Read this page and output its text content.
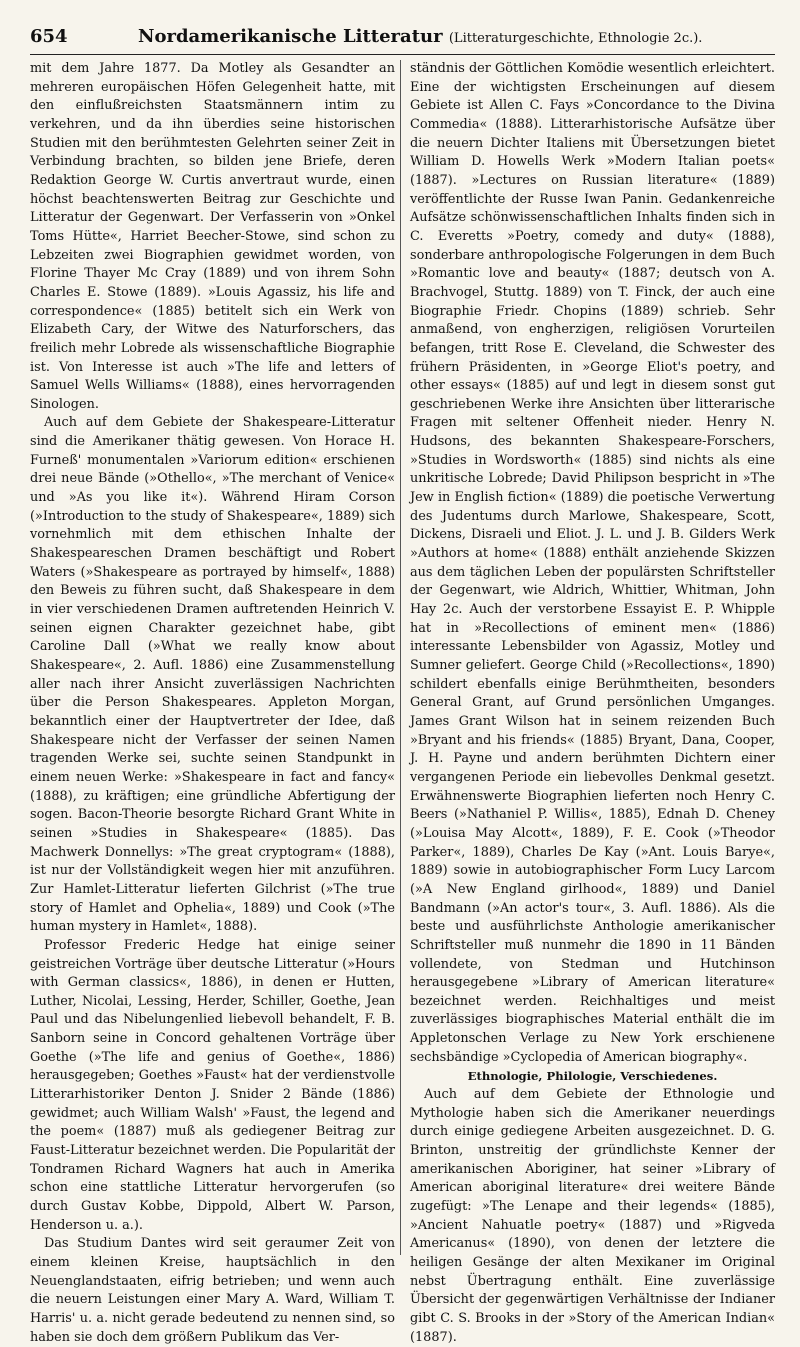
654	Nordamerikanische Litteratur (Litteraturgeschichte, Ethnologie 2c.).

mit dem Jahre 1877. Da Motley als Gesandter an mehreren europäischen Höfen Gelegenheit hatte, mit den einflußreichsten Staatsmännern intim zu verkehren, und da ihn überdies seine historischen Studien mit den berühmtesten Gelehrten seiner Zeit in Verbindung brachten, so bilden jene Briefe, deren Redaktion George W. Curtis anvertraut wurde, einen höchst beachtenswerten Beitrag zur Geschichte und Litteratur der Gegenwart. Der Verfasserin von »Onkel Toms Hütte«, Harriet Beecher-Stowe, sind schon zu Lebzeiten zwei Biographien gewidmet worden, von Florine Thayer Mc Cray (1889) und von ihrem Sohn Charles E. Stowe (1889). »Louis Agassiz, his life and correspondence« (1885) betitelt sich ein Werk von Elizabeth Cary, der Witwe des Naturforschers, das freilich mehr Lobrede als wissenschaftliche Biographie ist. Von Interesse ist auch »The life and letters of Samuel Wells Williams« (1888), eines hervorragenden Sinologen.

Auch auf dem Gebiete der Shakespeare-Litteratur sind die Amerikaner thätig gewesen. Von Horace H. Furneß' monumentalen »Variorum edition« erschienen drei neue Bände (»Othello«, »The merchant of Venice« und »As you like it«). Während Hiram Corson (»Introduction to the study of Shakespeare«, 1889) sich vornehmlich mit dem ethischen Inhalte der Shakespeareschen Dramen beschäftigt und Robert Waters (»Shakespeare as portrayed by himself«, 1888) den Beweis zu führen sucht, daß Shakespeare in dem in vier verschiedenen Dramen auftretenden Heinrich V. seinen eignen Charakter gezeichnet habe, gibt Caroline Dall (»What we really know about Shakespeare«, 2. Aufl. 1886) eine Zusammenstellung aller nach ihrer Ansicht zuverlässigen Nachrichten über die Person Shakespeares. Appleton Morgan, bekanntlich einer der Hauptvertreter der Idee, daß Shakespeare nicht der Verfasser der seinen Namen tragenden Werke sei, suchte seinen Standpunkt in einem neuen Werke: »Shakespeare in fact and fancy« (1888), zu kräftigen; eine gründliche Abfertigung der sogen. Bacon-Theorie besorgte Richard Grant White in seinen »Studies in Shakespeare« (1885). Das Machwerk Donnellys: »The great cryptogram« (1888), ist nur der Vollständigkeit wegen hier mit anzuführen. Zur Hamlet-Litteratur lieferten Gilchrist (»The true story of Hamlet and Ophelia«, 1889) und Cook (»The human mystery in Hamlet«, 1888).

Professor Frederic Hedge hat einige seiner geistreichen Vorträge über deutsche Litteratur (»Hours with German classics«, 1886), in denen er Hutten, Luther, Nicolai, Lessing, Herder, Schiller, Goethe, Jean Paul und das Nibelungenlied liebevoll behandelt, F. B. Sanborn seine in Concord gehaltenen Vorträge über Goethe (»The life and genius of Goethe«, 1886) herausgegeben; Goethes »Faust« hat der verdienstvolle Litterarhistoriker Denton J. Snider 2 Bände (1886) gewidmet; auch William Walsh' »Faust, the legend and the poem« (1887) muß als gediegener Beitrag zur Faust-Litteratur bezeichnet werden. Die Popularität der Tondramen Richard Wagners hat auch in Amerika schon eine stattliche Litteratur hervorgerufen (so durch Gustav Kobbe, Dippold, Albert W. Parson, Henderson u. a.).

Das Studium Dantes wird seit geraumer Zeit von einem kleinen Kreise, hauptsächlich in den Neuenglandstaaten, eifrig betrieben; und wenn auch die neuern Leistungen einer Mary A. Ward, William T. Harris' u. a. nicht gerade bedeutend zu nennen sind, so haben sie doch dem größern Publikum das Ver-

ständnis der Göttlichen Komödie wesentlich erleichtert. Eine der wichtigsten Erscheinungen auf diesem Gebiete ist Allen C. Fays »Concordance to the Divina Commedia« (1888). Litterarhistorische Aufsätze über die neuern Dichter Italiens mit Übersetzungen bietet William D. Howells Werk »Modern Italian poets« (1887). »Lectures on Russian literature« (1889) veröffentlichte der Russe Iwan Panin. Gedankenreiche Aufsätze schönwissenschaftlichen Inhalts finden sich in C. Everetts »Poetry, comedy and duty« (1888), sonderbare anthropologische Folgerungen in dem Buch »Romantic love and beauty« (1887; deutsch von A. Brachvogel, Stuttg. 1889) von T. Finck, der auch eine Biographie Friedr. Chopins (1889) schrieb. Sehr anmaßend, von engherzigen, religiösen Vorurteilen befangen, tritt Rose E. Cleveland, die Schwester des frühern Präsidenten, in »George Eliot's poetry, and other essays« (1885) auf und legt in diesem sonst gut geschriebenen Werke ihre Ansichten über litterarische Fragen mit seltener Offenheit nieder. Henry N. Hudsons, des bekannten Shakespeare-Forschers, »Studies in Wordsworth« (1885) sind nichts als eine unkritische Lobrede; David Philipson bespricht in »The Jew in English fiction« (1889) die poetische Verwertung des Judentums durch Marlowe, Shakespeare, Scott, Dickens, Disraeli und Eliot. J. L. und J. B. Gilders Werk »Authors at home« (1888) enthält anziehende Skizzen aus dem täglichen Leben der populärsten Schriftsteller der Gegenwart, wie Aldrich, Whittier, Whitman, John Hay 2c. Auch der verstorbene Essayist E. P. Whipple hat in »Recollections of eminent men« (1886) interessante Lebensbilder von Agassiz, Motley und Sumner geliefert. George Child (»Recollections«, 1890) schildert ebenfalls einige Berühmtheiten, besonders General Grant, auf Grund persönlichen Umganges. James Grant Wilson hat in seinem reizenden Buch »Bryant and his friends« (1885) Bryant, Dana, Cooper, J. H. Payne und andern berühmten Dichtern einer vergangenen Periode ein liebevolles Denkmal gesetzt. Erwähnenswerte Biographien lieferten noch Henry C. Beers (»Nathaniel P. Willis«, 1885), Ednah D. Cheney (»Louisa May Alcott«, 1889), F. E. Cook (»Theodor Parker«, 1889), Charles De Kay (»Ant. Louis Barye«, 1889) sowie in autobiographischer Form Lucy Larcom (»A New England girlhood«, 1889) und Daniel Bandmann (»An actor's tour«, 3. Aufl. 1886). Als die beste und ausführlichste Anthologie amerikanischer Schriftsteller muß nunmehr die 1890 in 11 Bänden vollendete, von Stedman und Hutchinson herausgegebene »Library of American literature« bezeichnet werden. Reichhaltiges und meist zuverlässiges biographisches Material enthält die im Appletonschen Verlage zu New York erschienene sechsbändige »Cyclopedia of American biography«.

Ethnologie, Philologie, Verschiedenes.

Auch auf dem Gebiete der Ethnologie und Mythologie haben sich die Amerikaner neuerdings durch einige gediegene Arbeiten ausgezeichnet. D. G. Brinton, unstreitig der gründlichste Kenner der amerikanischen Aboriginer, hat seiner »Library of American aboriginal literature« drei weitere Bände zugefügt: »The Lenape and their legends« (1885), »Ancient Nahuatle poetry« (1887) und »Rigveda Americanus« (1890), von denen der letztere die heiligen Gesänge der alten Mexikaner im Original nebst Übertragung enthält. Eine zuverlässige Übersicht der gegenwärtigen Verhältnisse der Indianer gibt C. S. Brooks in der »Story of the American Indian« (1887).
